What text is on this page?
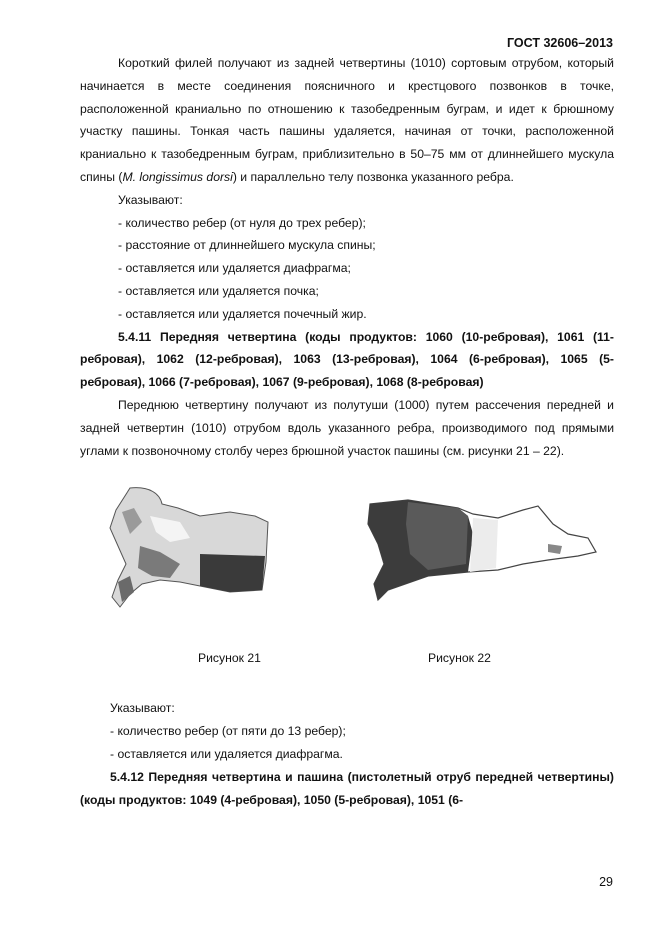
ГОСТ 32606–2013

Короткий филей получают из задней четвертины (1010) сортовым отрубом, который начинается в месте соединения поясничного и крестцового позвонков в точке, расположенной краниально по отношению к тазобедренным буграм, и идет к брюшному участку пашины. Тонкая часть пашины удаляется, начиная от точки, расположенной краниально к тазобедренным буграм, приблизительно в 50–75 мм от длиннейшего мускула спины (M. longissimus dorsi) и параллельно телу позвонка указанного ребра.

Указывают:

- количество ребер (от нуля до трех ребер);

- расстояние от длиннейшего мускула спины;

- оставляется или удаляется диафрагма;

- оставляется или удаляется почка;

- оставляется или удаляется почечный жир.

5.4.11 Передняя четвертина (коды продуктов: 1060 (10-ребровая), 1061 (11-ребровая), 1062 (12-ребровая), 1063 (13-ребровая), 1064 (6-ребровая), 1065 (5-ребровая), 1066 (7-ребровая), 1067 (9-ребровая), 1068 (8-ребровая)

Переднюю четвертину получают из полутуши (1000) путем рассечения передней и задней четвертин (1010) отрубом вдоль указанного ребра, производимого под прямыми углами к позвоночному столбу через брюшной участок пашины (см. рисунки 21 – 22).

Рисунок 21	Рисунок 22

Указывают:

- количество ребер (от пяти до 13 ребер);

- оставляется или удаляется диафрагма.

5.4.12 Передняя четвертина и пашина (пистолетный отруб передней четвертины) (коды продуктов: 1049 (4-ребровая), 1050 (5-ребровая), 1051 (6-

29
